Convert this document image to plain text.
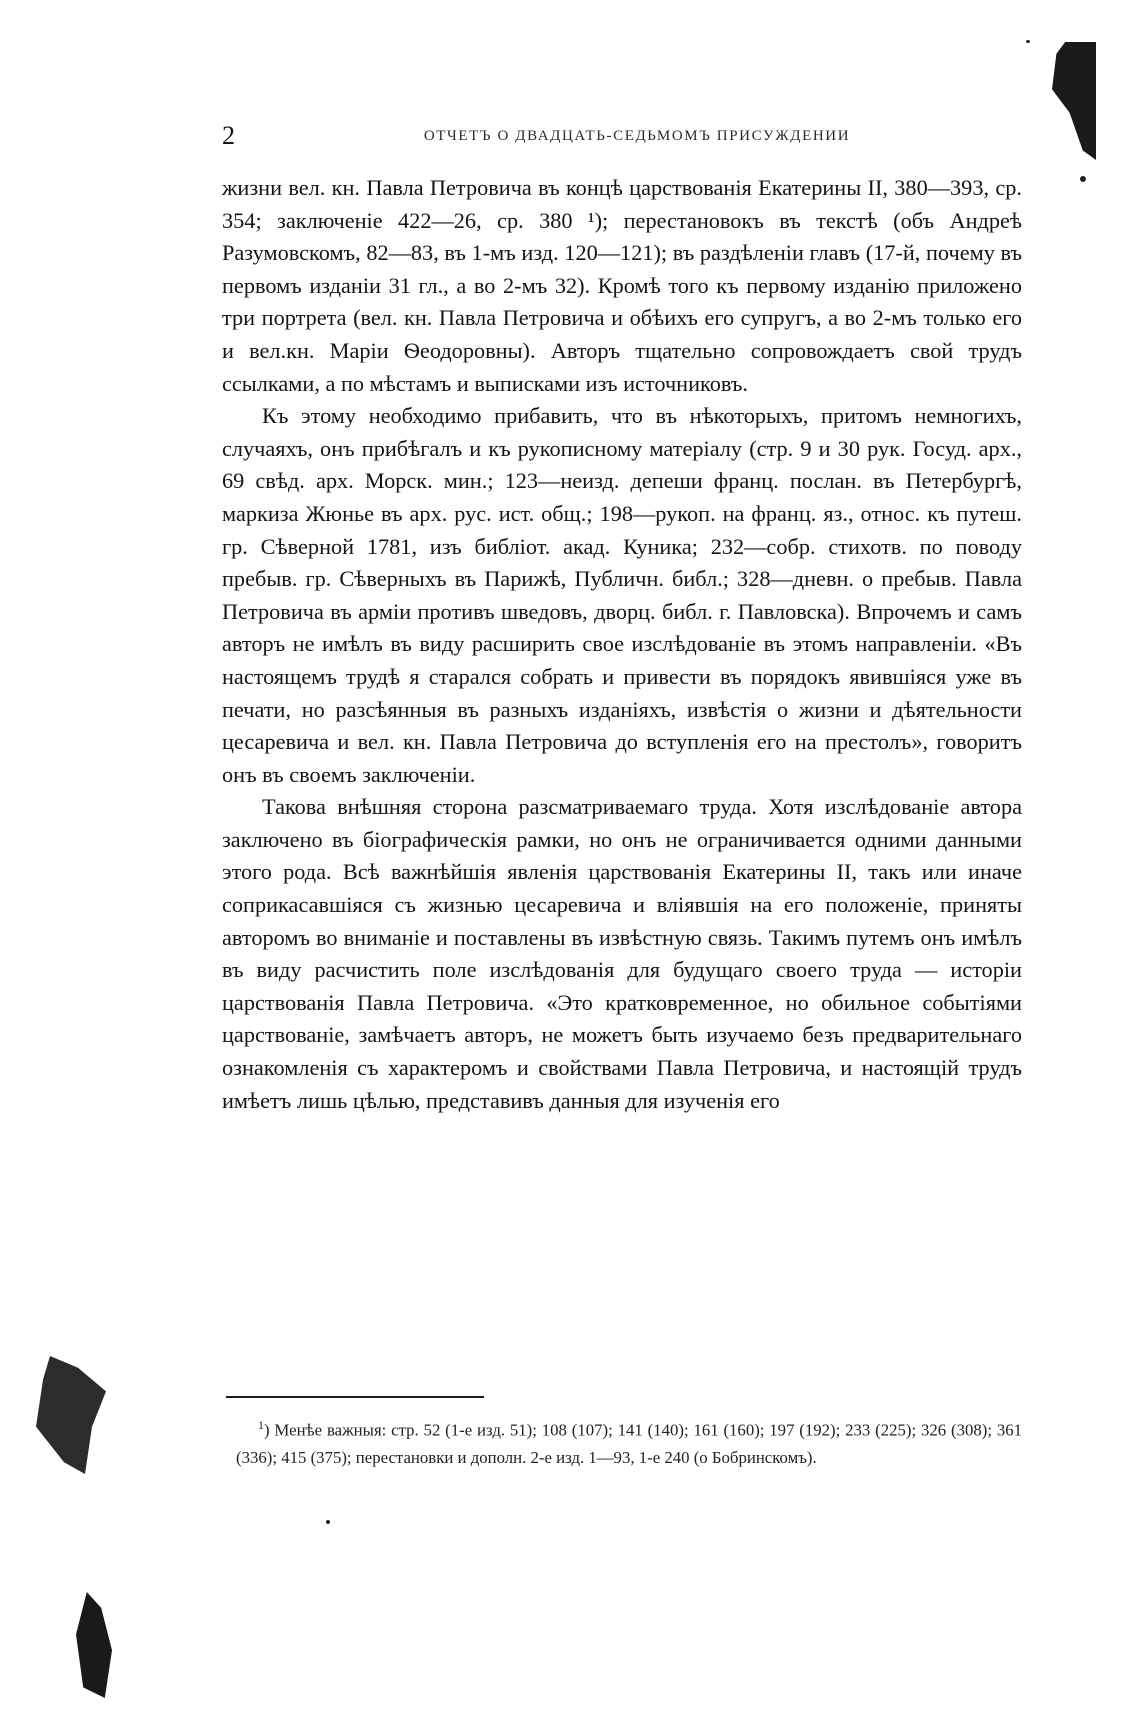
2	ОТЧЕТЪ О ДВАДЦАТЬ-СЕДЬМОМЪ ПРИСУЖДЕНИИ

жизни вел. кн. Павла Петровича въ концѣ царствованія Екатерины II, 380—393, ср. 354; заключеніе 422—26, ср. 380 ¹); перестановокъ въ текстѣ (объ Андреѣ Разумовскомъ, 82—83, въ 1-мъ изд. 120—121); въ раздѣленіи главъ (17-й, почему въ первомъ изданіи 31 гл., а во 2-мъ 32). Кромѣ того къ первому изданію приложено три портрета (вел. кн. Павла Петровича и обѣихъ его супругъ, а во 2-мъ только его и вел.кн. Маріи Ѳеодоровны). Авторъ тщательно сопровождаетъ свой трудъ ссылками, а по мѣстамъ и выписками изъ источниковъ.

Къ этому необходимо прибавить, что въ нѣкоторыхъ, притомъ немногихъ, случаяхъ, онъ прибѣгалъ и къ рукописному матеріалу (стр. 9 и 30 рук. Госуд. арх., 69 свѣд. арх. Морск. мин.; 123—неизд. депеши франц. послан. въ Петербургѣ, маркиза Жюнье въ арх. рус. ист. общ.; 198—рукоп. на франц. яз., относ. къ путеш. гр. Сѣверной 1781, изъ библіот. акад. Куника; 232—собр. стихотв. по поводу пребыв. гр. Сѣверныхъ въ Парижѣ, Публичн. библ.; 328—дневн. о пребыв. Павла Петровича въ арміи противъ шведовъ, дворц. библ. г. Павловска). Впрочемъ и самъ авторъ не имѣлъ въ виду расширить свое изслѣдованіе въ этомъ направленіи. «Въ настоящемъ трудѣ я старался собрать и привести въ порядокъ явившіяся уже въ печати, но разсѣянныя въ разныхъ изданіяхъ, извѣстія о жизни и дѣятельности цесаревича и вел. кн. Павла Петровича до вступленія его на престолъ», говоритъ онъ въ своемъ заключеніи.

Такова внѣшняя сторона разсматриваемаго труда. Хотя изслѣдованіе автора заключено въ біографическія рамки, но онъ не ограничивается одними данными этого рода. Всѣ важнѣйшія явленія царствованія Екатерины II, такъ или иначе соприкасавшіяся съ жизнью цесаревича и вліявшія на его положеніе, приняты авторомъ во вниманіе и поставлены въ извѣстную связь. Такимъ путемъ онъ имѣлъ въ виду расчистить поле изслѣдованія для будущаго своего труда — исторіи царствованія Павла Петровича. «Это кратковременное, но обильное событіями царствованіе, замѣчаетъ авторъ, не можетъ быть изучаемо безъ предварительнаго ознакомленія съ характеромъ и свойствами Павла Петровича, и настоящій трудъ имѣетъ лишь цѣлью, представивъ данныя для изученія его

$^1$) Менѣе важныя: стр. 52 (1-е изд. 51); 108 (107); 141 (140); 161 (160); 197 (192); 233 (225); 326 (308); 361 (336); 415 (375); перестановки и дополн. 2-е изд. 1—93, 1-е 240 (о Бобринскомъ).
